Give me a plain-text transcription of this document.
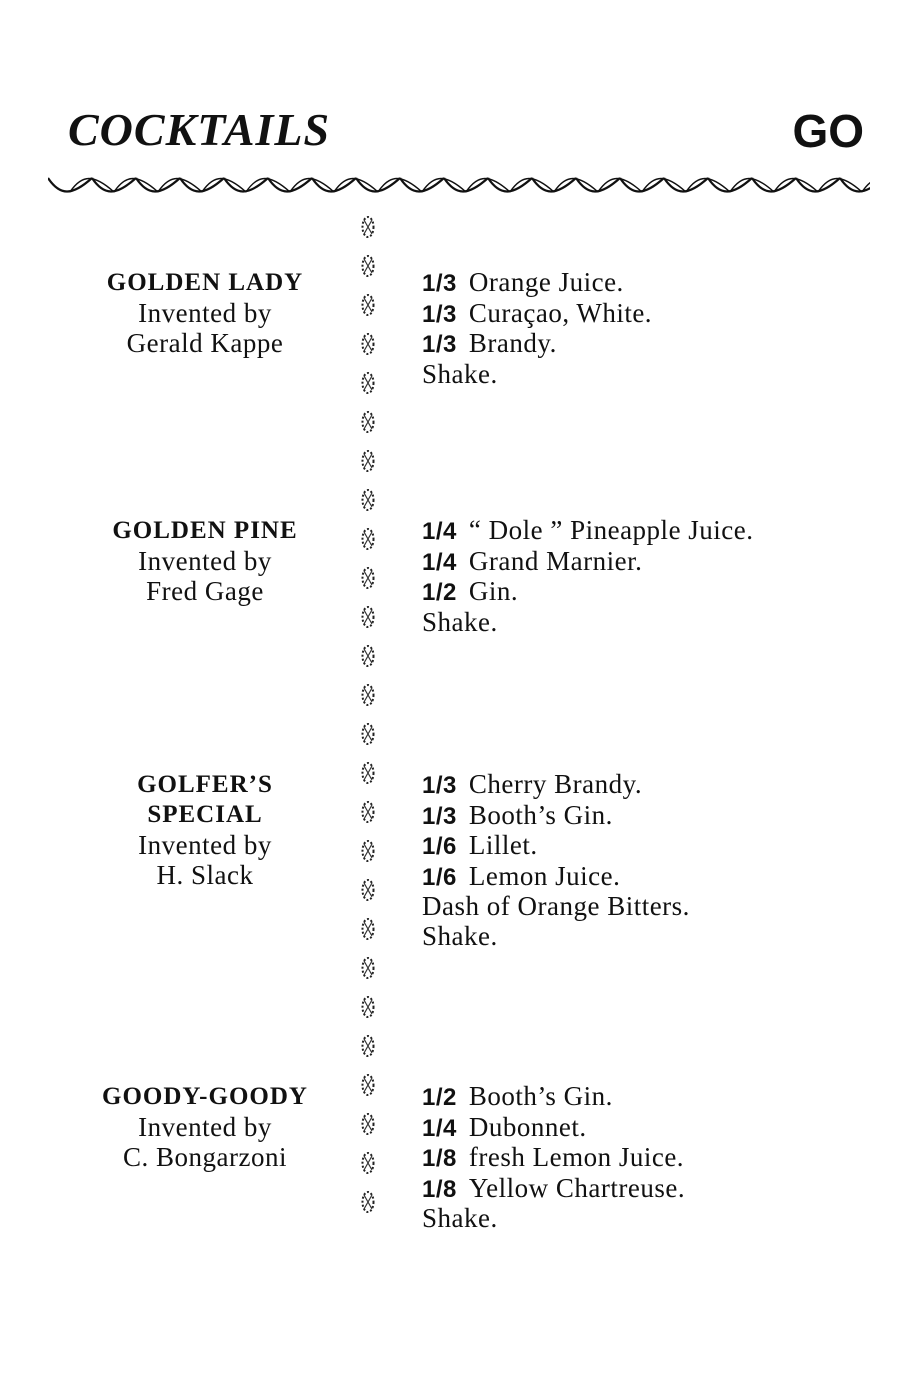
COCKTAILS	GO
GOLDEN LADY
Invented by
Gerald Kappe
1/3 Orange Juice.
1/3 Curaçao, White.
1/3 Brandy.
Shake.
GOLDEN PINE
Invented by
Fred Gage
1/4 “ Dole ” Pineapple Juice.
1/4 Grand Marnier.
1/2 Gin.
Shake.
GOLFER’S
SPECIAL
Invented by
H. Slack
1/3 Cherry Brandy.
1/3 Booth’s Gin.
1/6 Lillet.
1/6 Lemon Juice.
Dash of Orange Bitters.
Shake.
GOODY-GOODY
Invented by
C. Bongarzoni
1/2 Booth’s Gin.
1/4 Dubonnet.
1/8 fresh Lemon Juice.
1/8 Yellow Chartreuse.
Shake.
